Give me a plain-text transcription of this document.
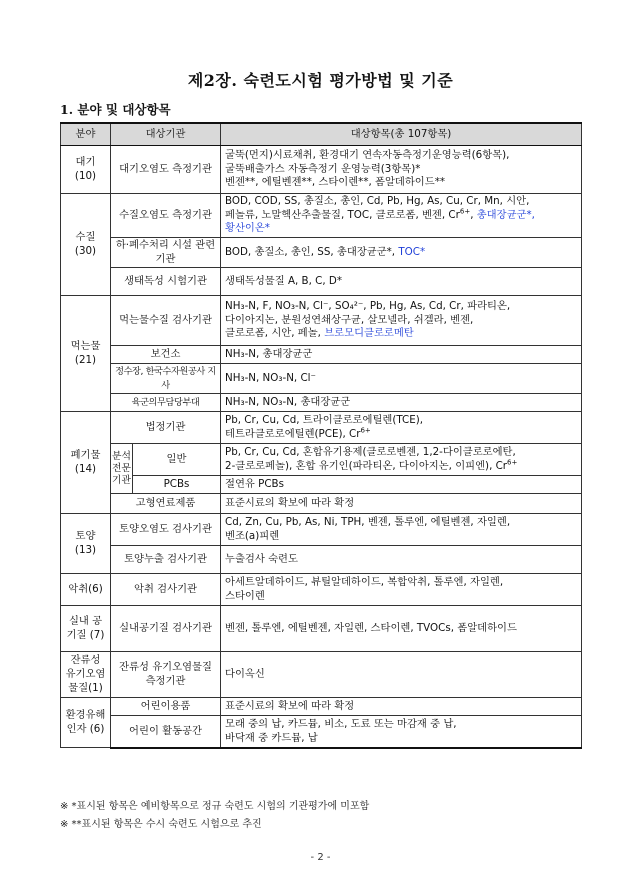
제2장. 숙련도시험 평가방법 및 기준
1. 분야 및 대상항목
분야	대상기관		대상항목(총 107항목)
대기
(10)	대기오염도 측정기관		굴뚝(먼지)시료채취, 환경대기 연속자동측정기운영능력(6항목),
굴뚝배출가스 자동측정기 운영능력(3항목)*
벤젠**, 에틸벤젠**, 스타이렌**, 폼알데하이드**
수질
(30)	수질오염도 측정기관		BOD, COD, SS, 총질소, 총인, Cd, Pb, Hg, As, Cu, Cr, Mn, 시안,
페놀류, 노말헥산추출물질, TOC, 클로로폼, 벤젠, $Cr^{6+}$, 총대장균군*,
황산이온*
	하·폐수처리 시설 관련기관		BOD, 총질소, 총인, SS, 총대장균군*, TOC*
	생태독성 시험기관		생태독성물질 A, B, C, D*
먹는물
(21)	먹는물수질 검사기관		NH₃-N, F, NO₃-N, Cl⁻, SO₄²⁻, Pb, Hg, As, Cd, Cr, 파라티온,
다이아지논, 분원성연쇄상구균, 살모넬라, 쉬겔라, 벤젠,
클로로폼, 시안, 페놀, 브로모디클로로메탄
	보건소		NH₃-N, 총대장균군
	정수장, 한국수자원공사 지사		NH₃-N, NO₃-N, Cl⁻
	육군의무담당부대		NH₃-N, NO₃-N, 총대장균군
폐기물
(14)	법정기관		Pb, Cr, Cu, Cd, 트라이클로로에틸렌(TCE),
테트라클로로에틸렌(PCE), $Cr^{6+}$
	분석 전문 기관	일반	Pb, Cr, Cu, Cd, 혼합유기용제(클로로벤젠, 1,2-다이클로로에탄,
2-클로로페놀), 혼합 유기인(파라티온, 다이아지논, 이피엔), $Cr^{6+}$
		PCBs	절연유 PCBs
	고형연료제품		표준시료의 확보에 따라 확정
토양
(13)	토양오염도 검사기관		Cd, Zn, Cu, Pb, As, Ni, TPH, 벤젠, 톨루엔, 에틸벤젠, 자일렌,
벤조(a)피렌
	토양누출 검사기관		누출검사 숙련도
악취(6)	악취 검사기관		아세트알데하이드, 뷰틸알데하이드, 복합악취, 톨루엔, 자일렌,
스타이렌
실내 공기질 (7)	실내공기질 검사기관		벤젠, 톨루엔, 에틸벤젠, 자일렌, 스타이렌, TVOCs, 폼알데하이드
잔류성 유기오염 물질(1)	잔류성 유기오염물질 측정기관		다이옥신
환경유해 인자 (6)	어린이용품		표준시료의 확보에 따라 확정
	어린이 활동공간		모래 중의 납, 카드뮴, 비소, 도료 또는 마감재 중 납,
바닥재 중 카드뮴, 납
※ *표시된 항목은 예비항목으로 정규 숙련도 시험의 기관평가에 미포함
※ **표시된 항목은 수시 숙련도 시험으로 추진
- 2 -
